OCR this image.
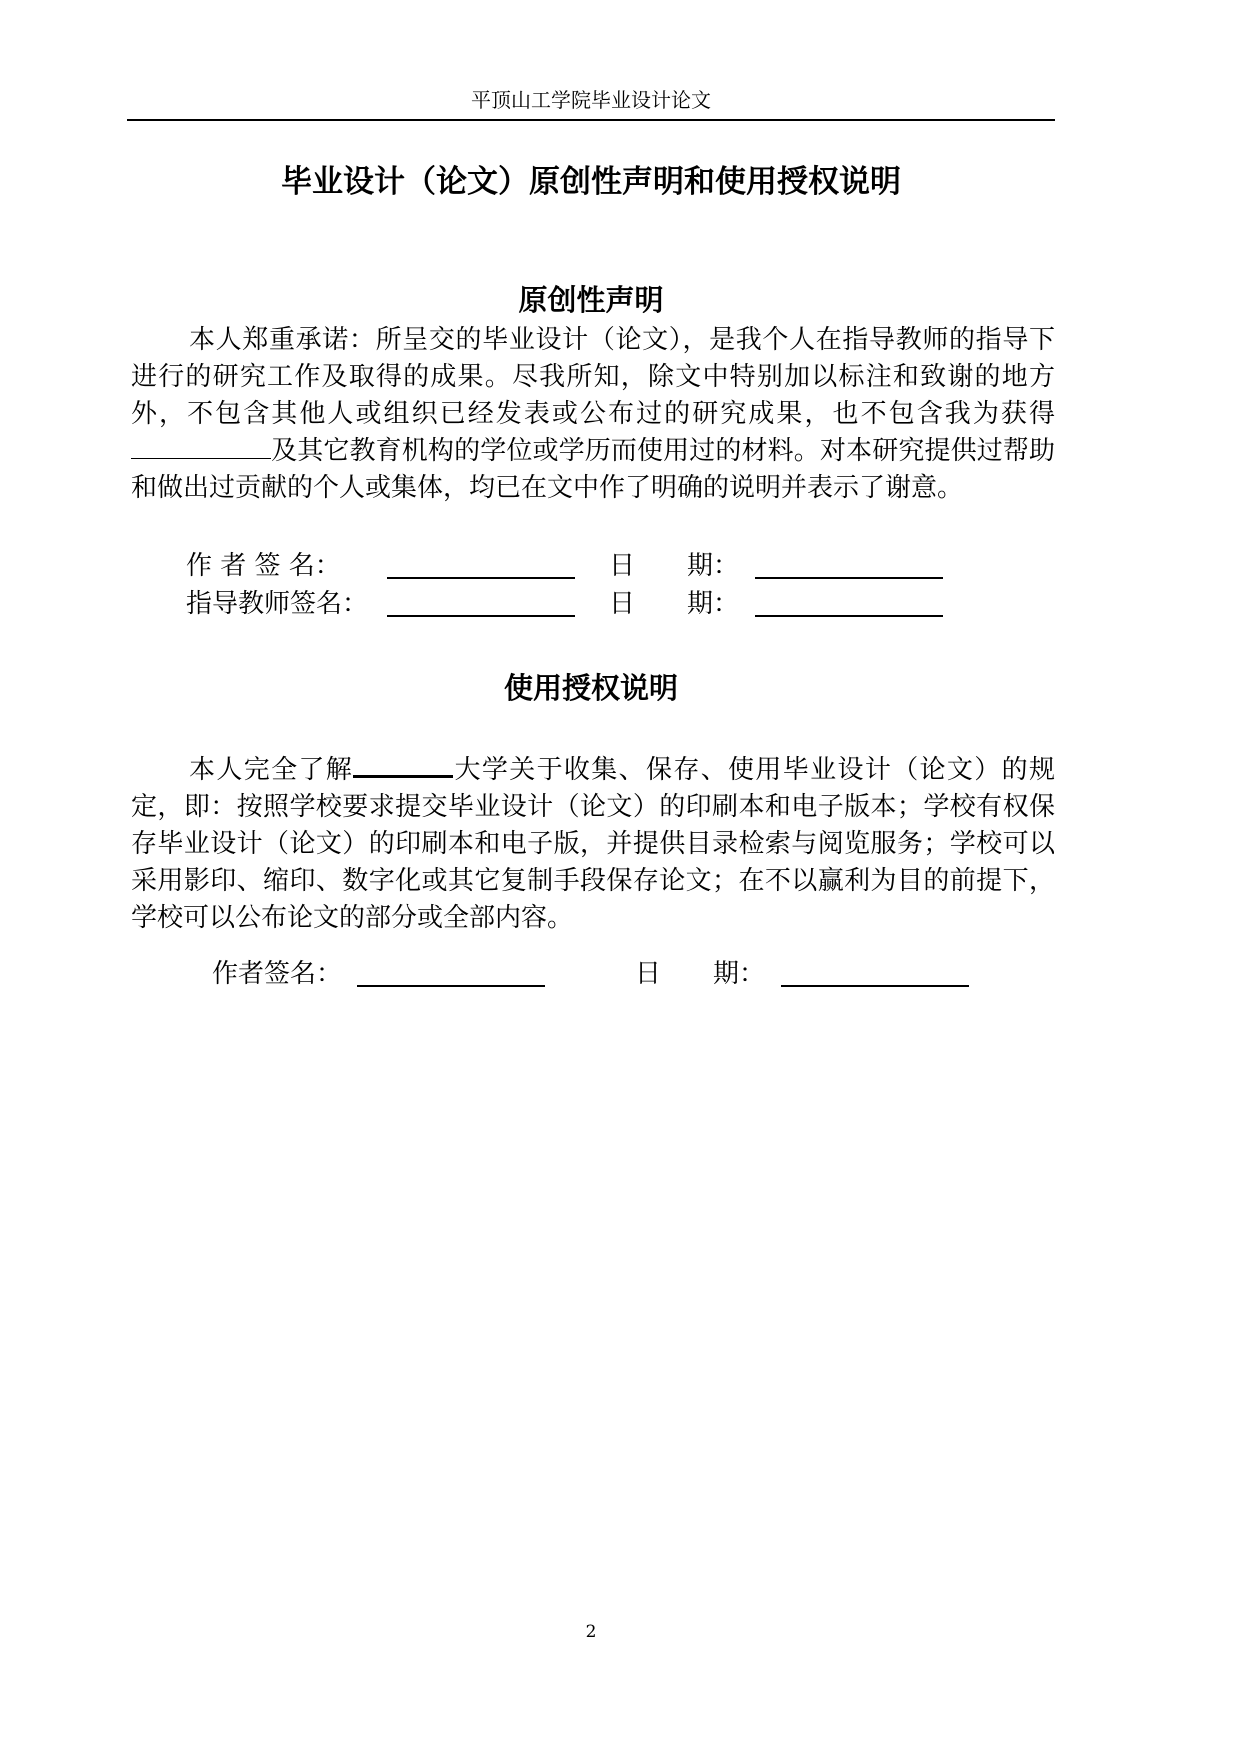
平顶山工学院毕业设计论文
毕业设计（论文）原创性声明和使用授权说明
原创性声明

本人郑重承诺：所呈交的毕业设计（论文），是我个人在指导教师的指导下进行的研究工作及取得的成果。尽我所知，除文中特别加以标注和致谢的地方外，不包含其他人或组织已经发表或公布过的研究成果，也不包含我为获得及其它教育机构的学位或学历而使用过的材料。对本研究提供过帮助和做出过贡献的个人或集体，均已在文中作了明确的说明并表示了谢意。

作 者 签 名：	日　　期：
指导教师签名：	日　　期：
使用授权说明

本人完全了解	大学关于收集、保存、使用毕业设计（论文）的规定，即：按照学校要求提交毕业设计（论文）的印刷本和电子版本；学校有权保存毕业设计（论文）的印刷本和电子版，并提供目录检索与阅览服务；学校可以采用影印、缩印、数字化或其它复制手段保存论文；在不以赢利为目的前提下，学校可以公布论文的部分或全部内容。

作者签名：	日　　期：
2
